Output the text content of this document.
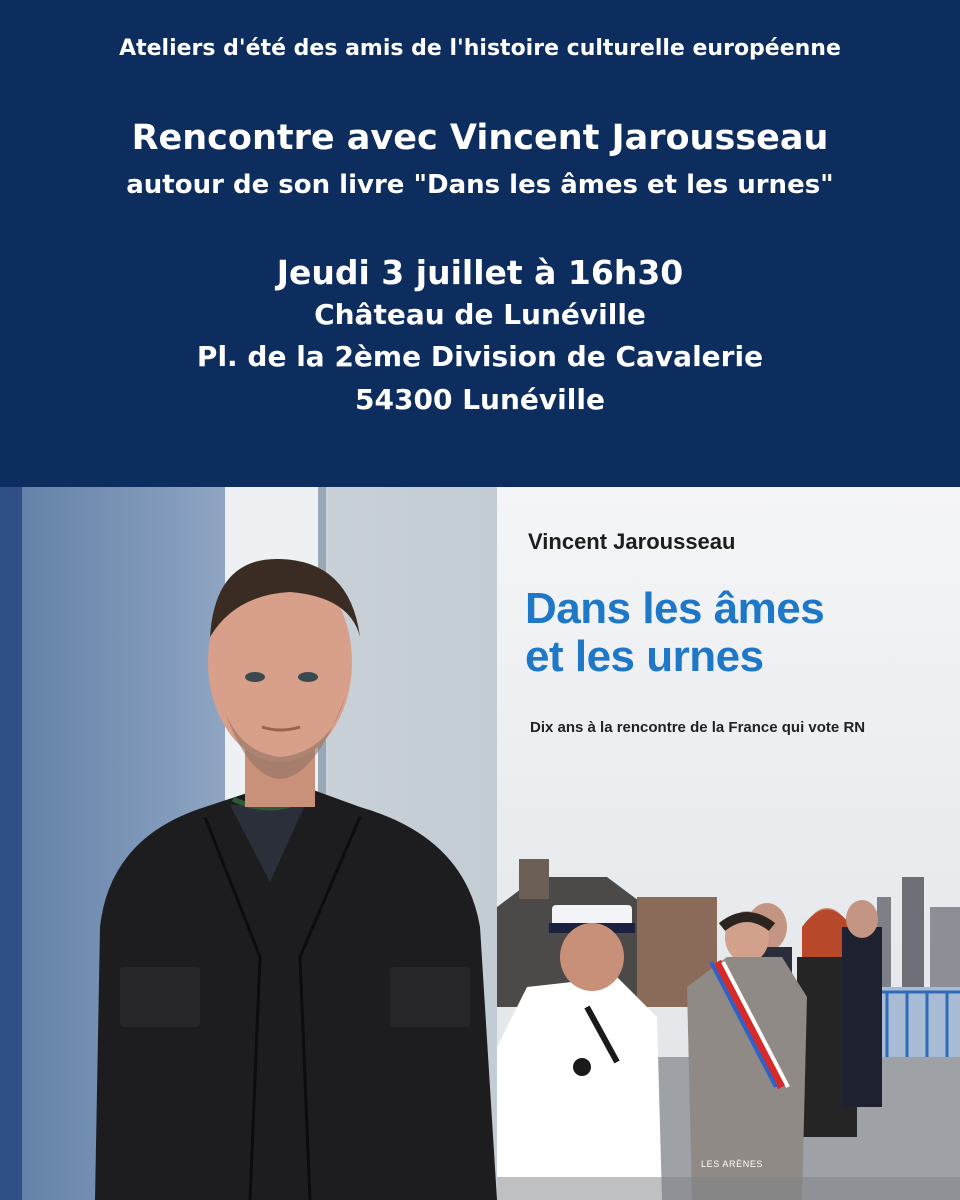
Ateliers d'été des amis de l'histoire culturelle européenne
Rencontre avec Vincent Jarousseau
autour de son livre "Dans les âmes et les urnes"
Jeudi 3 juillet à 16h30
Château de Lunéville
Pl. de la 2ème Division de Cavalerie
54300 Lunéville
Vincent Jarousseau
Dans les âmes
et les urnes
Dix ans à la rencontre de la France qui vote RN
LES ARÈNES
